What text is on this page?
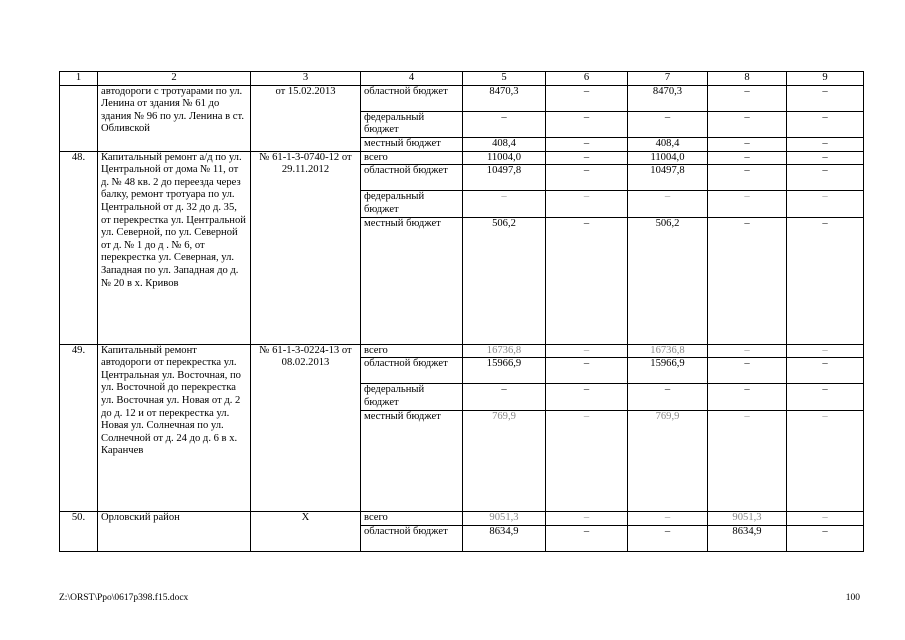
1	2	3	4	5	6	7	8	9
	автодороги с тротуарами по ул. Ленина от здания № 61 до здания № 96 по ул. Ленина в ст. Обливской	от 15.02.2013	областной бюджет	8470,3	–	8470,3	–	–
			федеральный бюджет	–	–	–	–	–
			местный бюджет	408,4	–	408,4	–	–
48.	Капитальный ремонт а/д по ул. Центральной от дома № 11, от д. № 48 кв. 2 до переезда через балку, ремонт тротуара по ул. Центральной от д. 32 до д. 35, от перекрестка ул. Центральной ул. Северной, по ул. Северной от д. № 1 до д . № 6, от перекрестка ул. Северная, ул. Западная по ул. Западная до д. № 20 в х. Кривов	№ 61-1-3-0740-12 от 29.11.2012	всего	11004,0	–	11004,0	–	–
			областной бюджет	10497,8	–	10497,8	–	–
			федеральный бюджет	–	–	–	–	–
			местный бюджет	506,2	–	506,2	–	–
49.	Капитальный ремонт автодороги от перекрестка ул. Центральная ул. Восточная, по ул. Восточной до перекрестка ул. Восточная ул. Новая от д. 2 до д. 12 и от перекрестка ул. Новая ул. Солнечная по ул. Солнечной от д. 24 до д. 6 в х. Каранчев	№ 61-1-3-0224-13 от 08.02.2013	всего	16736,8	–	16736,8	–	–
			областной бюджет	15966,9	–	15966,9	–	–
			федеральный бюджет	–	–	–	–	–
			местный бюджет	769,9	–	769,9	–	–
50.	Орловский район	Х	всего	9051,3	–	–	9051,3	–
			областной бюджет	8634,9	–	–	8634,9	–
Z:\ORST\Ppo\0617p398.f15.docx	100
